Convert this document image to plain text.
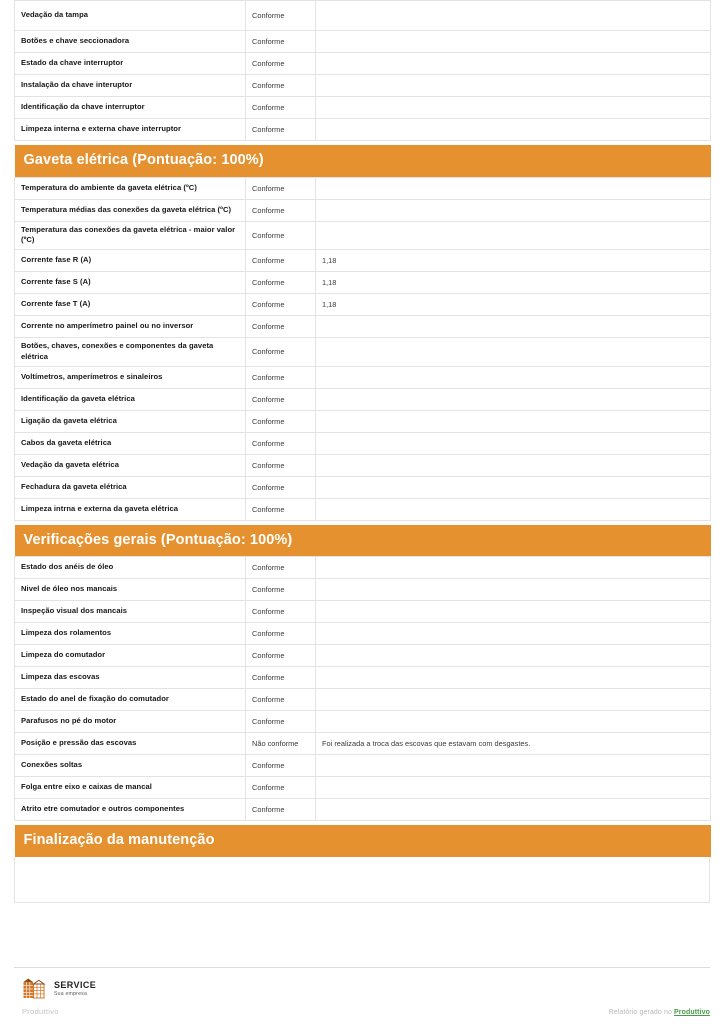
Vedação da tampa	Conforme	
Botões e chave seccionadora	Conforme	
Estado da chave interruptor	Conforme	
Instalação da chave interuptor	Conforme	
Identificação da chave interruptor	Conforme	
Limpeza interna e externa chave interruptor	Conforme	

Gaveta elétrica (Pontuação: 100%)		

Temperatura do ambiente da gaveta elétrica (ºC)	Conforme	
Temperatura médias das conexões da gaveta elétrica (ºC)	Conforme	
Temperatura das conexões da gaveta elétrica - maior valor (ºC)	Conforme	
Corrente fase R (A)	Conforme	1,18
Corrente fase S (A)	Conforme	1,18
Corrente fase T (A)	Conforme	1,18
Corrente no amperímetro painel ou no inversor	Conforme	
Botões, chaves, conexões e componentes da gaveta elétrica	Conforme	
Voltímetros, amperímetros e sinaleiros	Conforme	
Identificação da gaveta elétrica	Conforme	
Ligação da gaveta elétrica	Conforme	
Cabos da gaveta elétrica	Conforme	
Vedação da gaveta elétrica	Conforme	
Fechadura da gaveta elétrica	Conforme	
Limpeza intrna e externa da gaveta elétrica	Conforme	

Verificações gerais (Pontuação: 100%)		

Estado dos anéis de óleo	Conforme	
Nivel de óleo nos mancais	Conforme	
Inspeção visual dos mancais	Conforme	
Limpeza dos rolamentos	Conforme	
Limpeza do comutador	Conforme	
Limpeza das escovas	Conforme	
Estado do anel de fixação do comutador	Conforme	
Parafusos no pé do motor	Conforme	
Posição e pressão das escovas	Não conforme	Foi realizada a troca das escovas que estavam com desgastes.
Conexões soltas	Conforme	
Folga entre eixo e caixas de mancal	Conforme	
Atrito etre comutador e outros componentes	Conforme	

Finalização da manutenção		
SERVICE
Sua empresa
Produttivo	Relatório gerado no Produttivo
